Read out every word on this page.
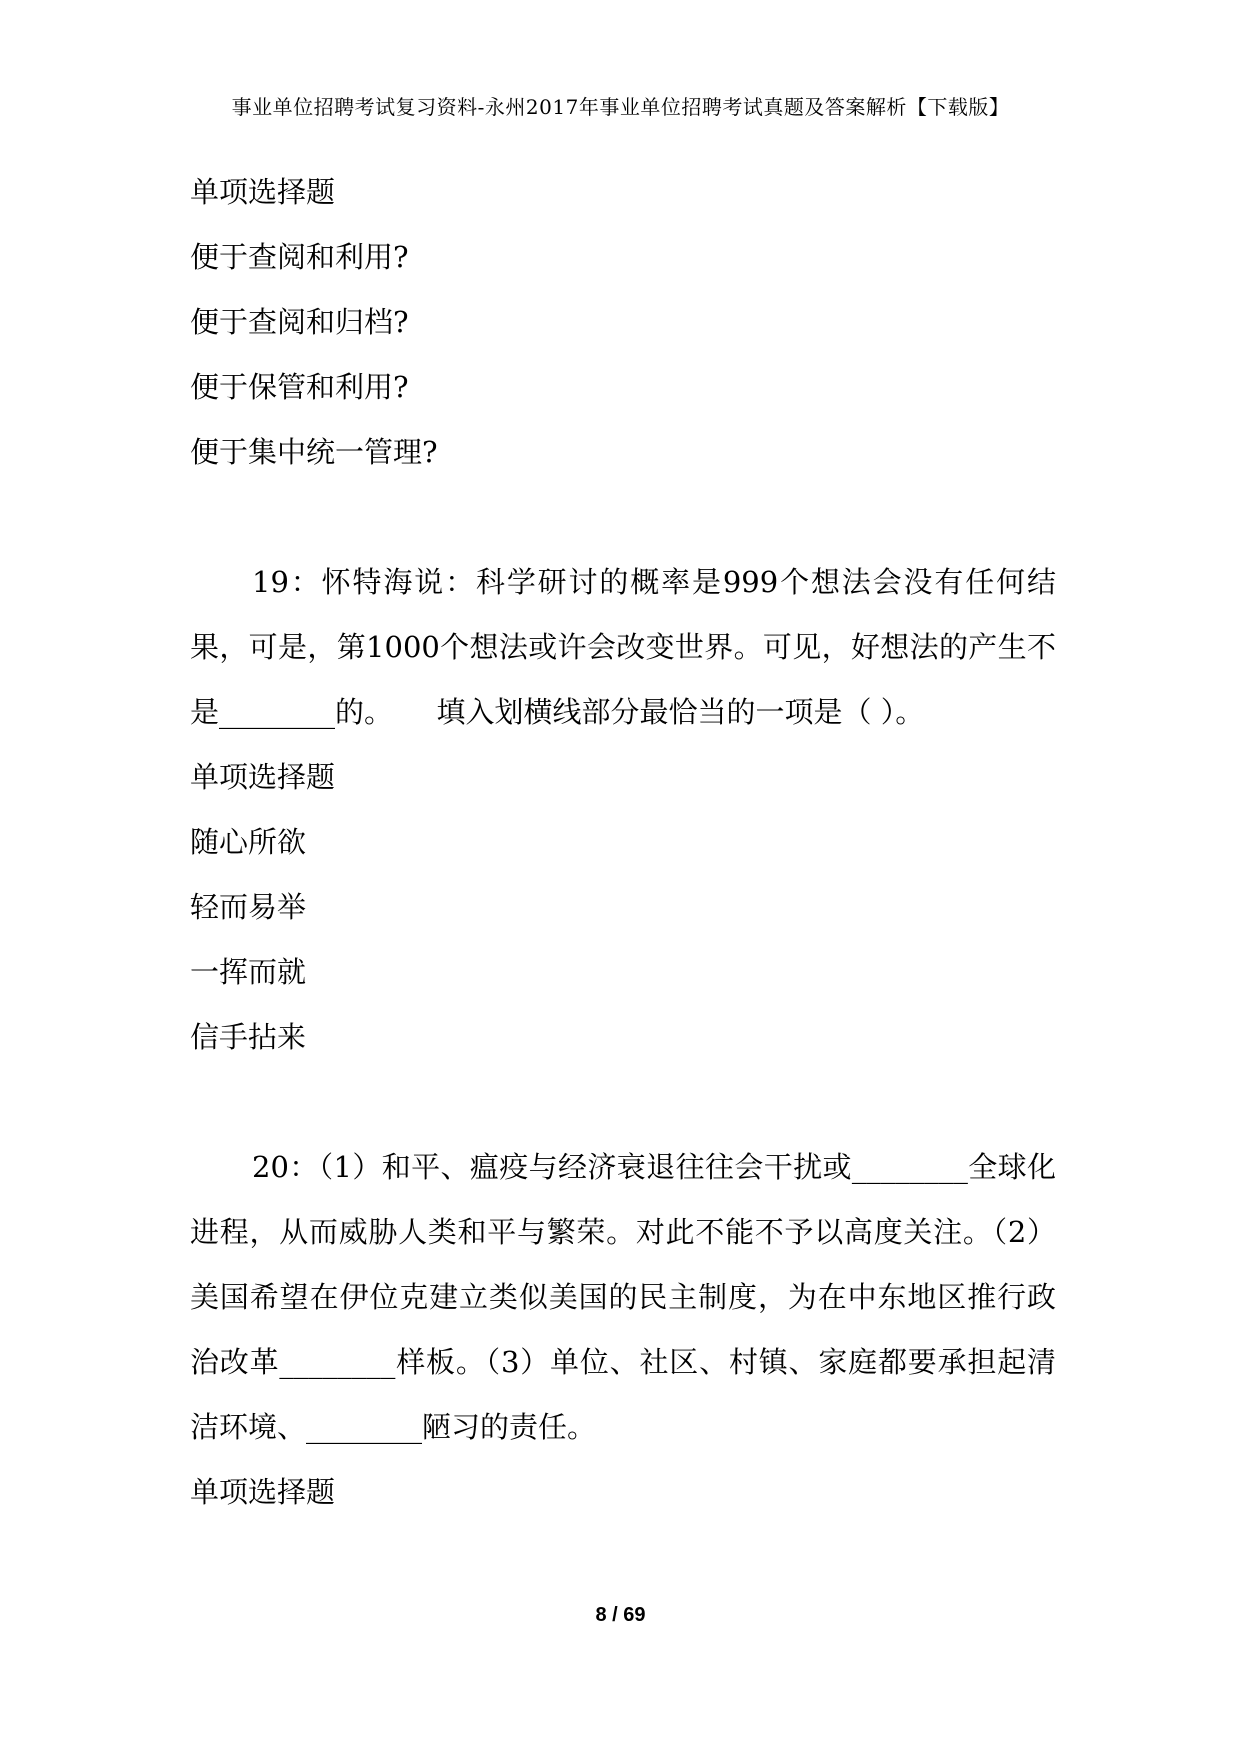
事业单位招聘考试复习资料-永州2017年事业单位招聘考试真题及答案解析【下载版】
单项选择题
便于查阅和利用?
便于查阅和归档?
便于保管和利用?
便于集中统一管理?
19：怀特海说：科学研讨的概率是999个想法会没有任何结果，可是，第1000个想法或许会改变世界。可见，好想法的产生不是________的。　　填入划横线部分最恰当的一项是（ ）。
单项选择题
随心所欲
轻而易举
一挥而就
信手拈来
20：（1）和平、瘟疫与经济衰退往往会干扰或________全球化进程，从而威胁人类和平与繁荣。对此不能不予以高度关注。（2）美国希望在伊位克建立类似美国的民主制度，为在中东地区推行政治改革________样板。（3）单位、社区、村镇、家庭都要承担起清洁环境、________陋习的责任。
单项选择题
8 / 69
